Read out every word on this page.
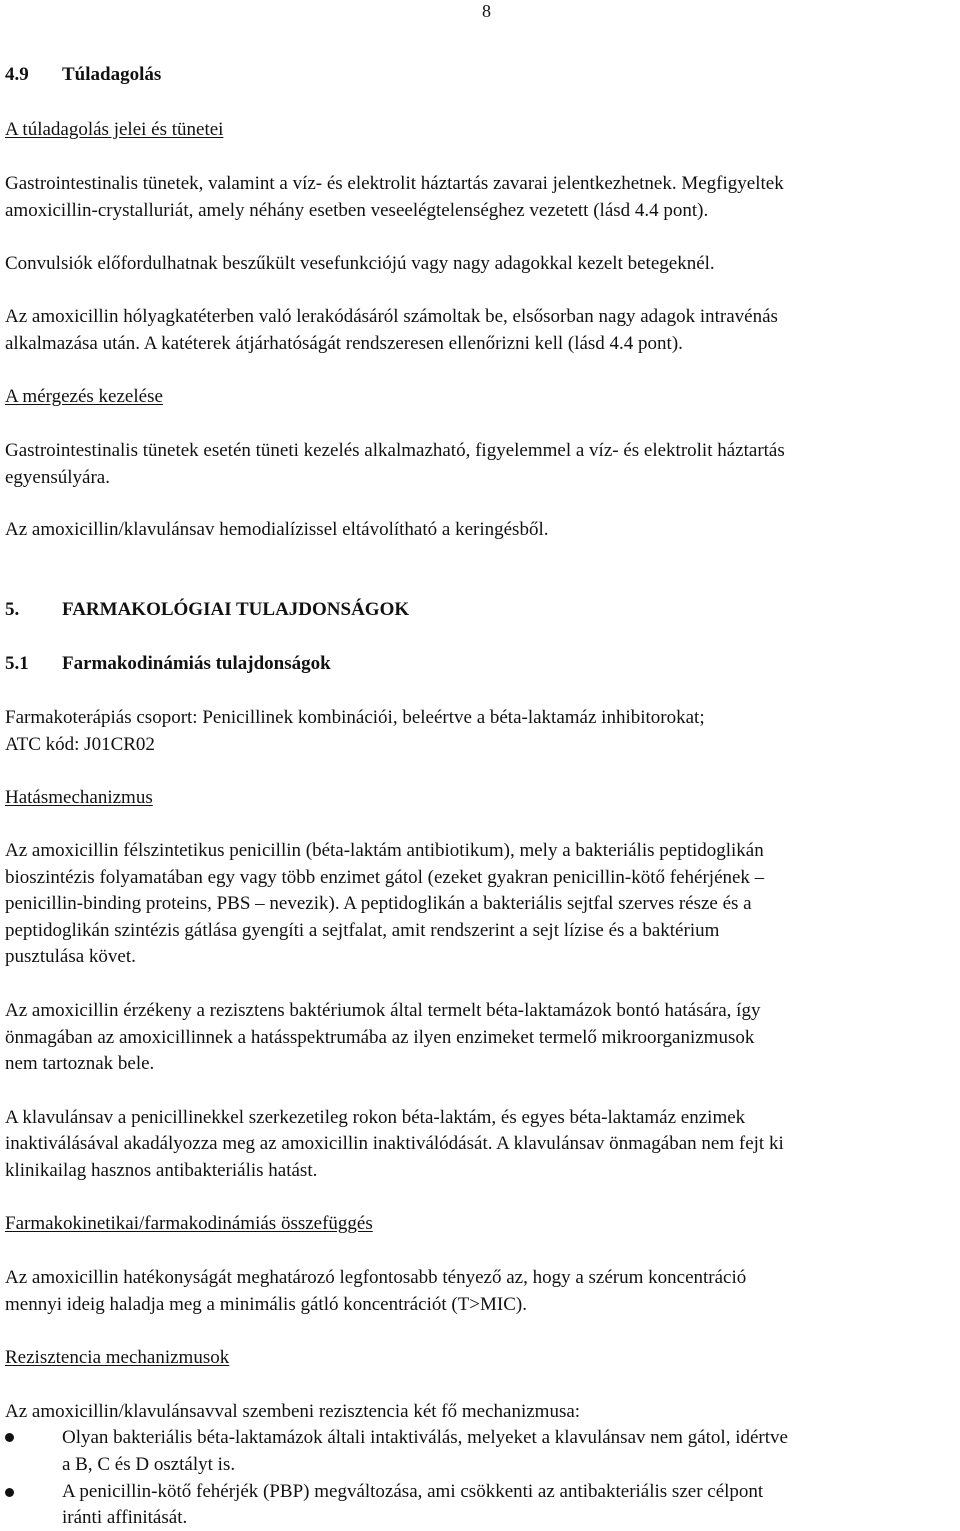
8
4.9 Túladagolás
A túladagolás jelei és tünetei
Gastrointestinalis tünetek, valamint a víz- és elektrolit háztartás zavarai jelentkezhetnek. Megfigyeltek
amoxicillin-crystalluriát, amely néhány esetben veseelégtelenséghez vezetett (lásd 4.4 pont).
Convulsiók előfordulhatnak beszűkült vesefunkciójú vagy nagy adagokkal kezelt betegeknél.
Az amoxicillin hólyagkatéterben való lerakódásáról számoltak be, elsősorban nagy adagok intravénás
alkalmazása után. A katéterek átjárhatóságát rendszeresen ellenőrizni kell (lásd 4.4 pont).
A mérgezés kezelése
Gastrointestinalis tünetek esetén tüneti kezelés alkalmazható, figyelemmel a víz- és elektrolit háztartás
egyensúlyára.
Az amoxicillin/klavulánsav hemodialízissel eltávolítható a keringésből.
5. FARMAKOLÓGIAI TULAJDONSÁGOK
5.1 Farmakodinámiás tulajdonságok
Farmakoterápiás csoport: Penicillinek kombinációi, beleértve a béta-laktamáz inhibitorokat;
ATC kód: J01CR02
Hatásmechanizmus
Az amoxicillin félszintetikus penicillin (béta-laktám antibiotikum), mely a bakteriális peptidoglikán
bioszintézis folyamatában egy vagy több enzimet gátol (ezeket gyakran penicillin-kötő fehérjének –
penicillin-binding proteins, PBS – nevezik). A peptidoglikán a bakteriális sejtfal szerves része és a
peptidoglikán szintézis gátlása gyengíti a sejtfalat, amit rendszerint a sejt lízise és a baktérium
pusztulása követ.
Az amoxicillin érzékeny a rezisztens baktériumok által termelt béta-laktamázok bontó hatására, így
önmagában az amoxicillinnek a hatásspektrumába az ilyen enzimeket termelő mikroorganizmusok
nem tartoznak bele.
A klavulánsav a penicillinekkel szerkezetileg rokon béta-laktám, és egyes béta-laktamáz enzimek
inaktiválásával akadályozza meg az amoxicillin inaktiválódását. A klavulánsav önmagában nem fejt ki
klinikailag hasznos antibakteriális hatást.
Farmakokinetikai/farmakodinámiás összefüggés
Az amoxicillin hatékonyságát meghatározó legfontosabb tényező az, hogy a szérum koncentráció
mennyi ideig haladja meg a minimális gátló koncentrációt (T>MIC).
Rezisztencia mechanizmusok
Az amoxicillin/klavulánsavval szembeni rezisztencia két fő mechanizmusa:
Olyan bakteriális béta-laktamázok általi intaktiválás, melyeket a klavulánsav nem gátol, idértve
a B, C és D osztályt is.
A penicillin-kötő fehérjék (PBP) megváltozása, ami csökkenti az antibakteriális szer célpont
iránti affinitását.
